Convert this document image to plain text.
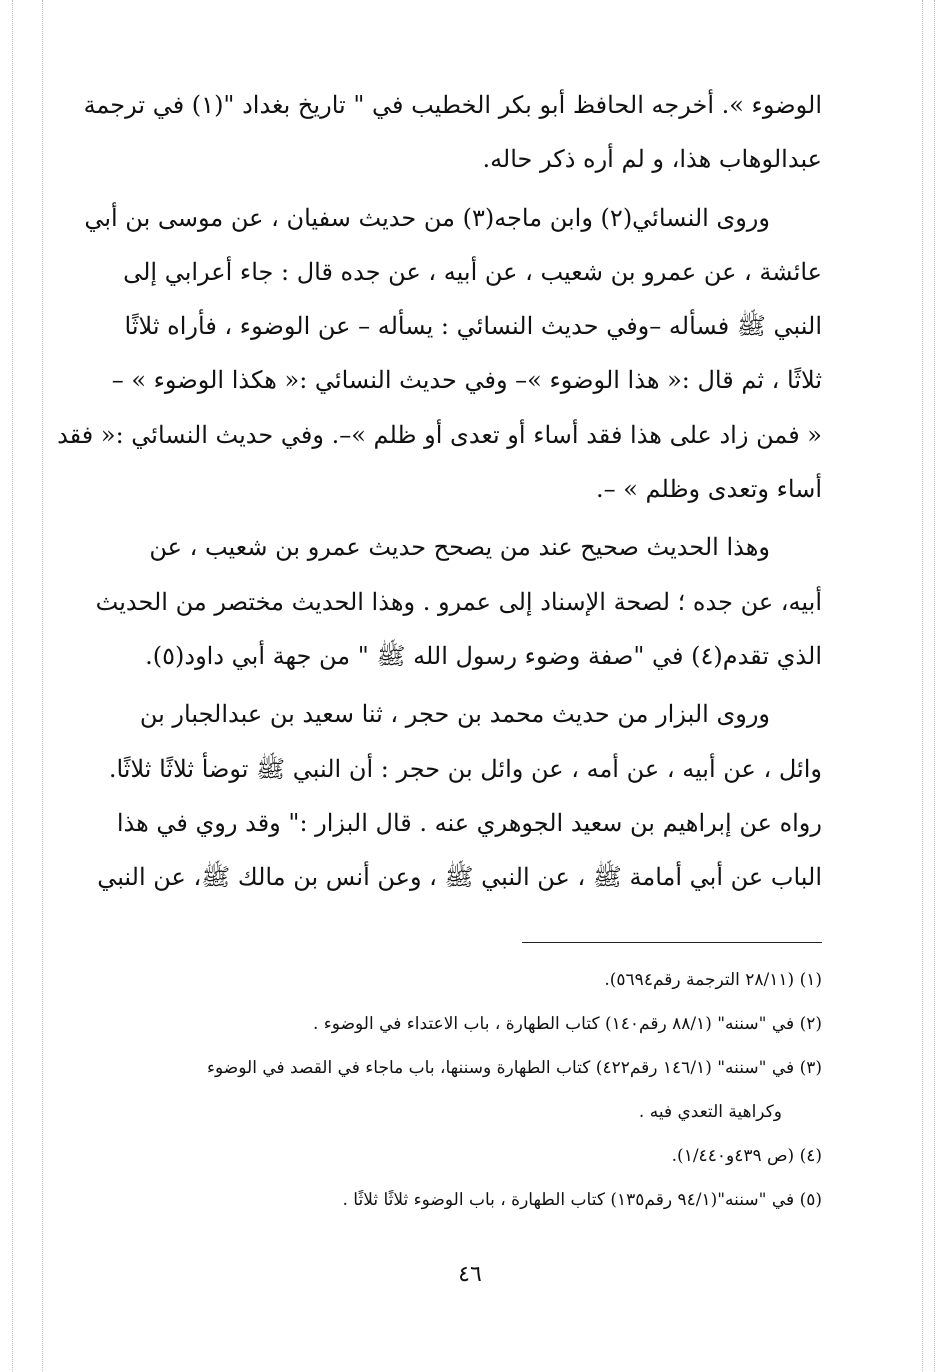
الوضوء ». أخرجه الحافظ أبو بكر الخطيب في " تاريخ بغداد "(١) في ترجمة
عبدالوهاب هذا، و لم أره ذكر حاله.
وروى النسائي(٢) وابن ماجه(٣) من حديث سفيان ، عن موسى بن أبي
عائشة ، عن عمرو بن شعيب ، عن أبيه ، عن جده قال : جاء أعرابي إلى
النبي ﷺ فسأله –وفي حديث النسائي : يسأله – عن الوضوء ، فأراه ثلاثًا
ثلاثًا ، ثم قال :« هذا الوضوء »– وفي حديث النسائي :« هكذا الوضوء » –
« فمن زاد على هذا فقد أساء أو تعدى أو ظلم »–. وفي حديث النسائي :« فقد
أساء وتعدى وظلم » –.
وهذا الحديث صحيح عند من يصحح حديث عمرو بن شعيب ، عن
أبيه، عن جده ؛ لصحة الإسناد إلى عمرو . وهذا الحديث مختصر من الحديث
الذي تقدم(٤) في "صفة وضوء رسول الله ﷺ " من جهة أبي داود(٥).
وروى البزار من حديث محمد بن حجر ، ثنا سعيد بن عبدالجبار بن
وائل ، عن أبيه ، عن أمه ، عن وائل بن حجر : أن النبي ﷺ توضأ ثلاثًا ثلاثًا.
رواه عن إبراهيم بن سعيد الجوهري عنه . قال البزار :" وقد روي في هذا
الباب عن أبي أمامة ﷺ ، عن النبي ﷺ ، وعن أنس بن مالك ﷺ، عن النبي
(١) (٢٨/١١ الترجمة رقم٥٦٩٤).
(٢) في "سننه" (٨٨/١ رقم١٤٠) كتاب الطهارة ، باب الاعتداء في الوضوء .
(٣) في "سننه" (١٤٦/١ رقم٤٢٢) كتاب الطهارة وسننها، باب ماجاء في القصد في الوضوء
وكراهية التعدي فيه .
(٤) (ص ٤٣٩و١/٤٤٠).
(٥) في "سننه"(٩٤/١ رقم١٣٥) كتاب الطهارة ، باب الوضوء ثلاثًا ثلاثًا .
٤٦
